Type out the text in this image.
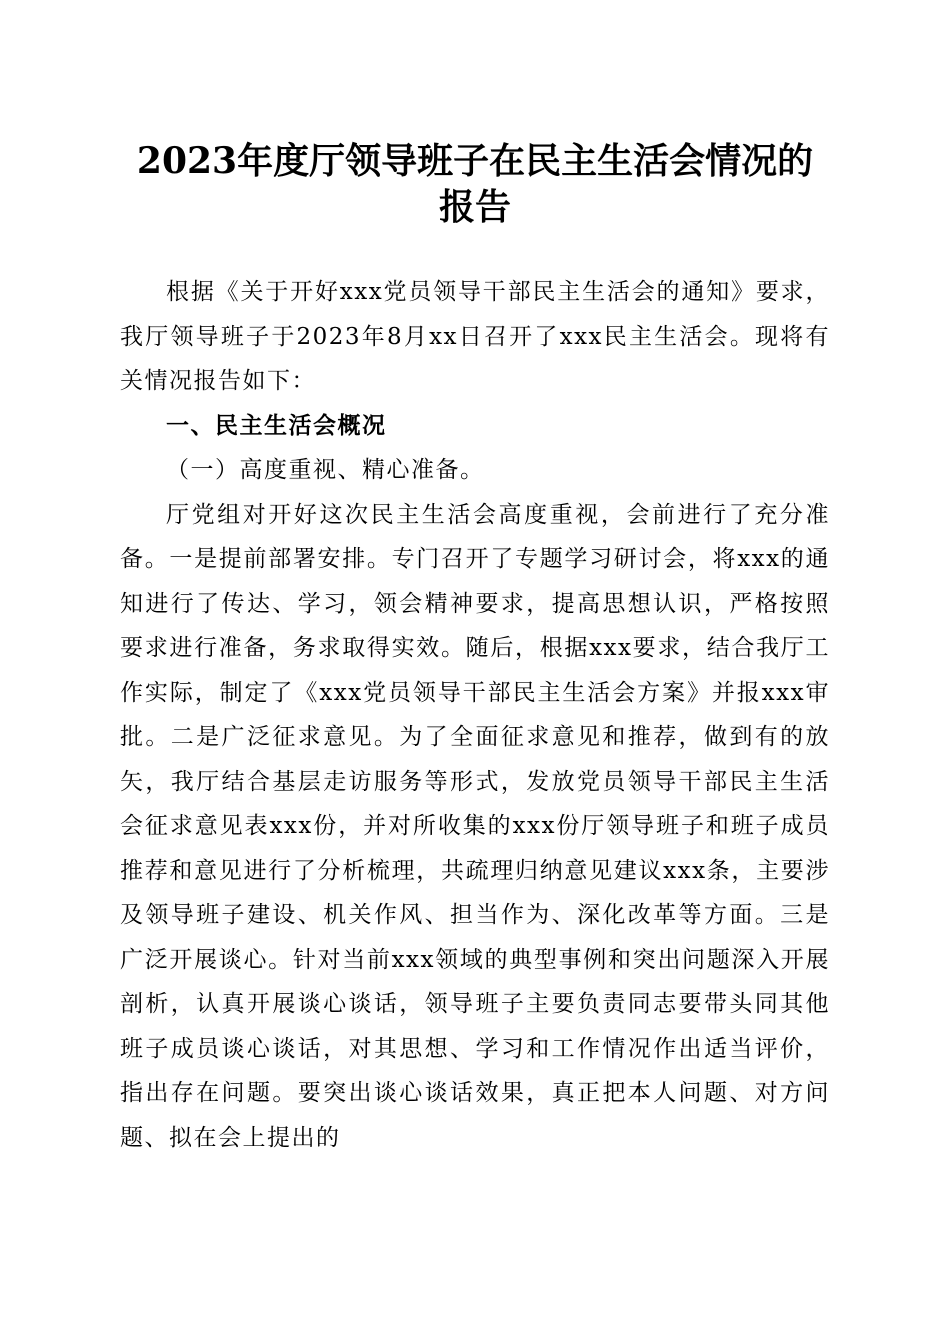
2023年度厅领导班子在民主生活会情况的报告

根据《关于开好xxx党员领导干部民主生活会的通知》要求，我厅领导班子于2023年8月xx日召开了xxx民主生活会。现将有关情况报告如下：

一、民主生活会概况

（一）高度重视、精心准备。

厅党组对开好这次民主生活会高度重视，会前进行了充分准备。一是提前部署安排。专门召开了专题学习研讨会，将xxx的通知进行了传达、学习，领会精神要求，提高思想认识，严格按照要求进行准备，务求取得实效。随后，根据xxx要求，结合我厅工作实际，制定了《xxx党员领导干部民主生活会方案》并报xxx审批。二是广泛征求意见。为了全面征求意见和推荐，做到有的放矢，我厅结合基层走访服务等形式，发放党员领导干部民主生活会征求意见表xxx份，并对所收集的xxx份厅领导班子和班子成员推荐和意见进行了分析梳理，共疏理归纳意见建议xxx条，主要涉及领导班子建设、机关作风、担当作为、深化改革等方面。三是广泛开展谈心。针对当前xxx领域的典型事例和突出问题深入开展剖析，认真开展谈心谈话，领导班子主要负责同志要带头同其他班子成员谈心谈话，对其思想、学习和工作情况作出适当评价，指出存在问题。要突出谈心谈话效果，真正把本人问题、对方问题、拟在会上提出的
